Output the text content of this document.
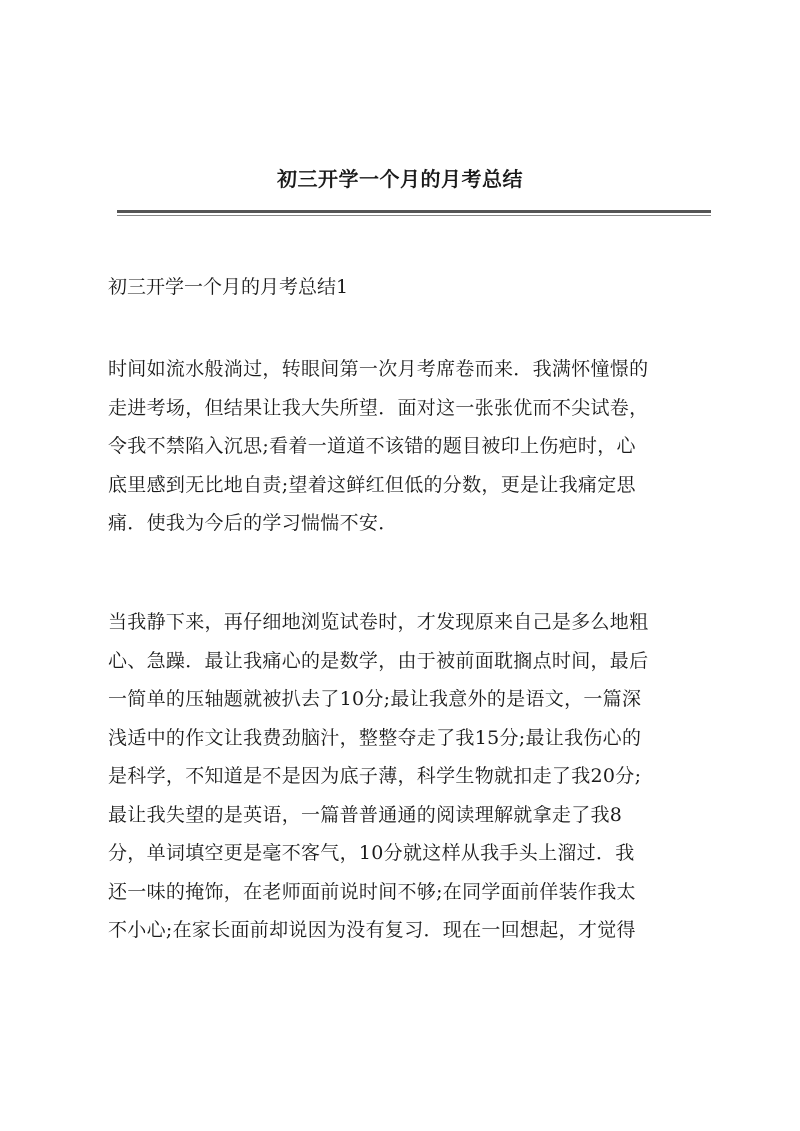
初三开学一个月的月考总结
初三开学一个月的月考总结1
时间如流水般淌过，转眼间第一次月考席卷而来．我满怀憧憬的
走进考场，但结果让我大失所望．面对这一张张优而不尖试卷，
令我不禁陷入沉思;看着一道道不该错的题目被印上伤疤时，心
底里感到无比地自责;望着这鲜红但低的分数，更是让我痛定思
痛．使我为今后的学习惴惴不安．
当我静下来，再仔细地浏览试卷时，才发现原来自己是多么地粗
心、急躁．最让我痛心的是数学，由于被前面耽搁点时间，最后
一简单的压轴题就被扒去了10分;最让我意外的是语文，一篇深
浅适中的作文让我费劲脑汁，整整夺走了我15分;最让我伤心的
是科学，不知道是不是因为底子薄，科学生物就扣走了我20分;
最让我失望的是英语，一篇普普通通的阅读理解就拿走了我8
分，单词填空更是毫不客气，10分就这样从我手头上溜过．我
还一味的掩饰，在老师面前说时间不够;在同学面前佯装作我太
不小心;在家长面前却说因为没有复习．现在一回想起，才觉得
